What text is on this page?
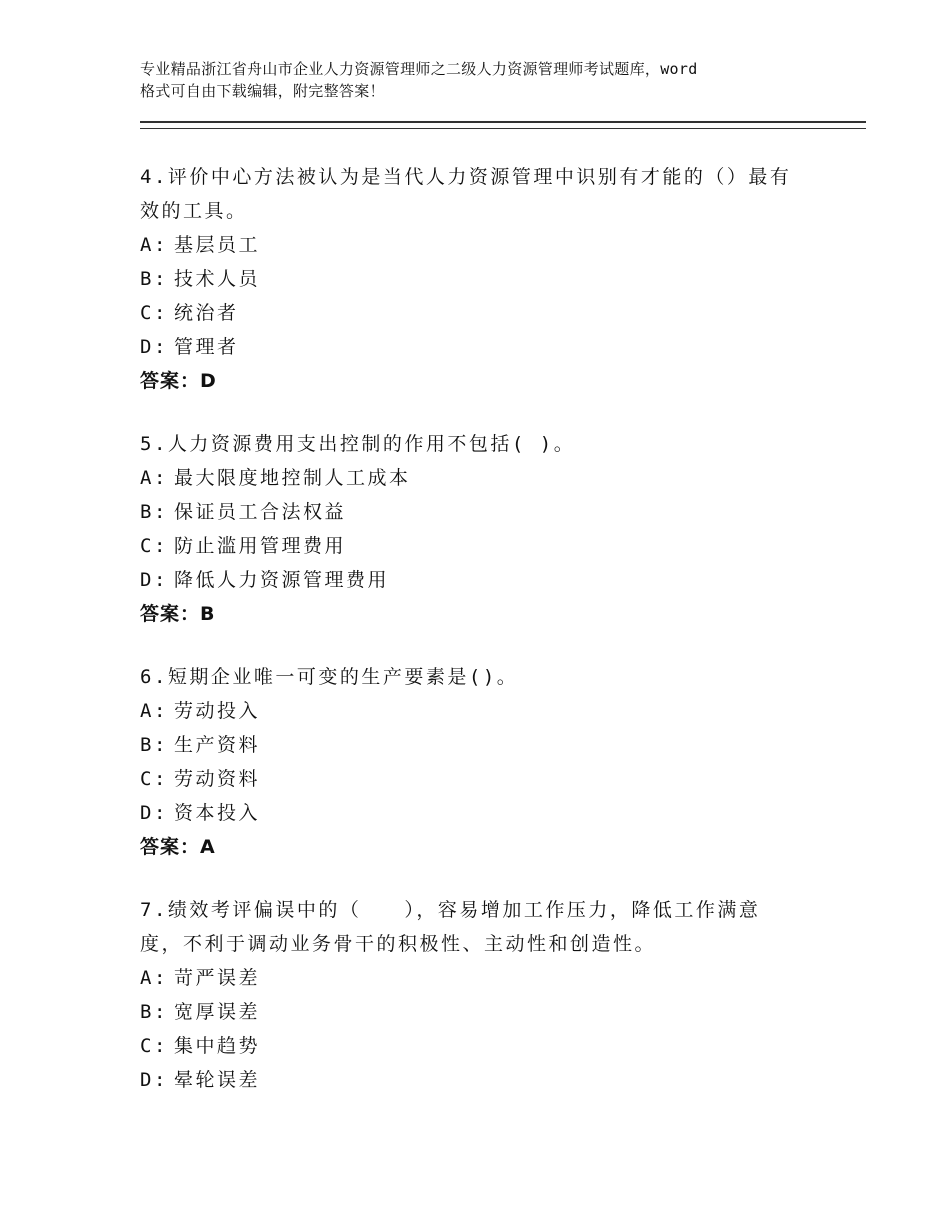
专业精品浙江省舟山市企业人力资源管理师之二级人力资源管理师考试题库，word
格式可自由下载编辑，附完整答案！
4.评价中心方法被认为是当代人力资源管理中识别有才能的（）最有
效的工具。
A: 基层员工
B: 技术人员
C: 统治者
D: 管理者
答案：D
5.人力资源费用支出控制的作用不包括( )。
A: 最大限度地控制人工成本
B: 保证员工合法权益
C: 防止滥用管理费用
D: 降低人力资源管理费用
答案：B
6.短期企业唯一可变的生产要素是()。
A: 劳动投入
B: 生产资料
C: 劳动资料
D: 资本投入
答案：A
7.绩效考评偏误中的（　　），容易增加工作压力，降低工作满意
度，不利于调动业务骨干的积极性、主动性和创造性。
A: 苛严误差
B: 宽厚误差
C: 集中趋势
D: 晕轮误差
